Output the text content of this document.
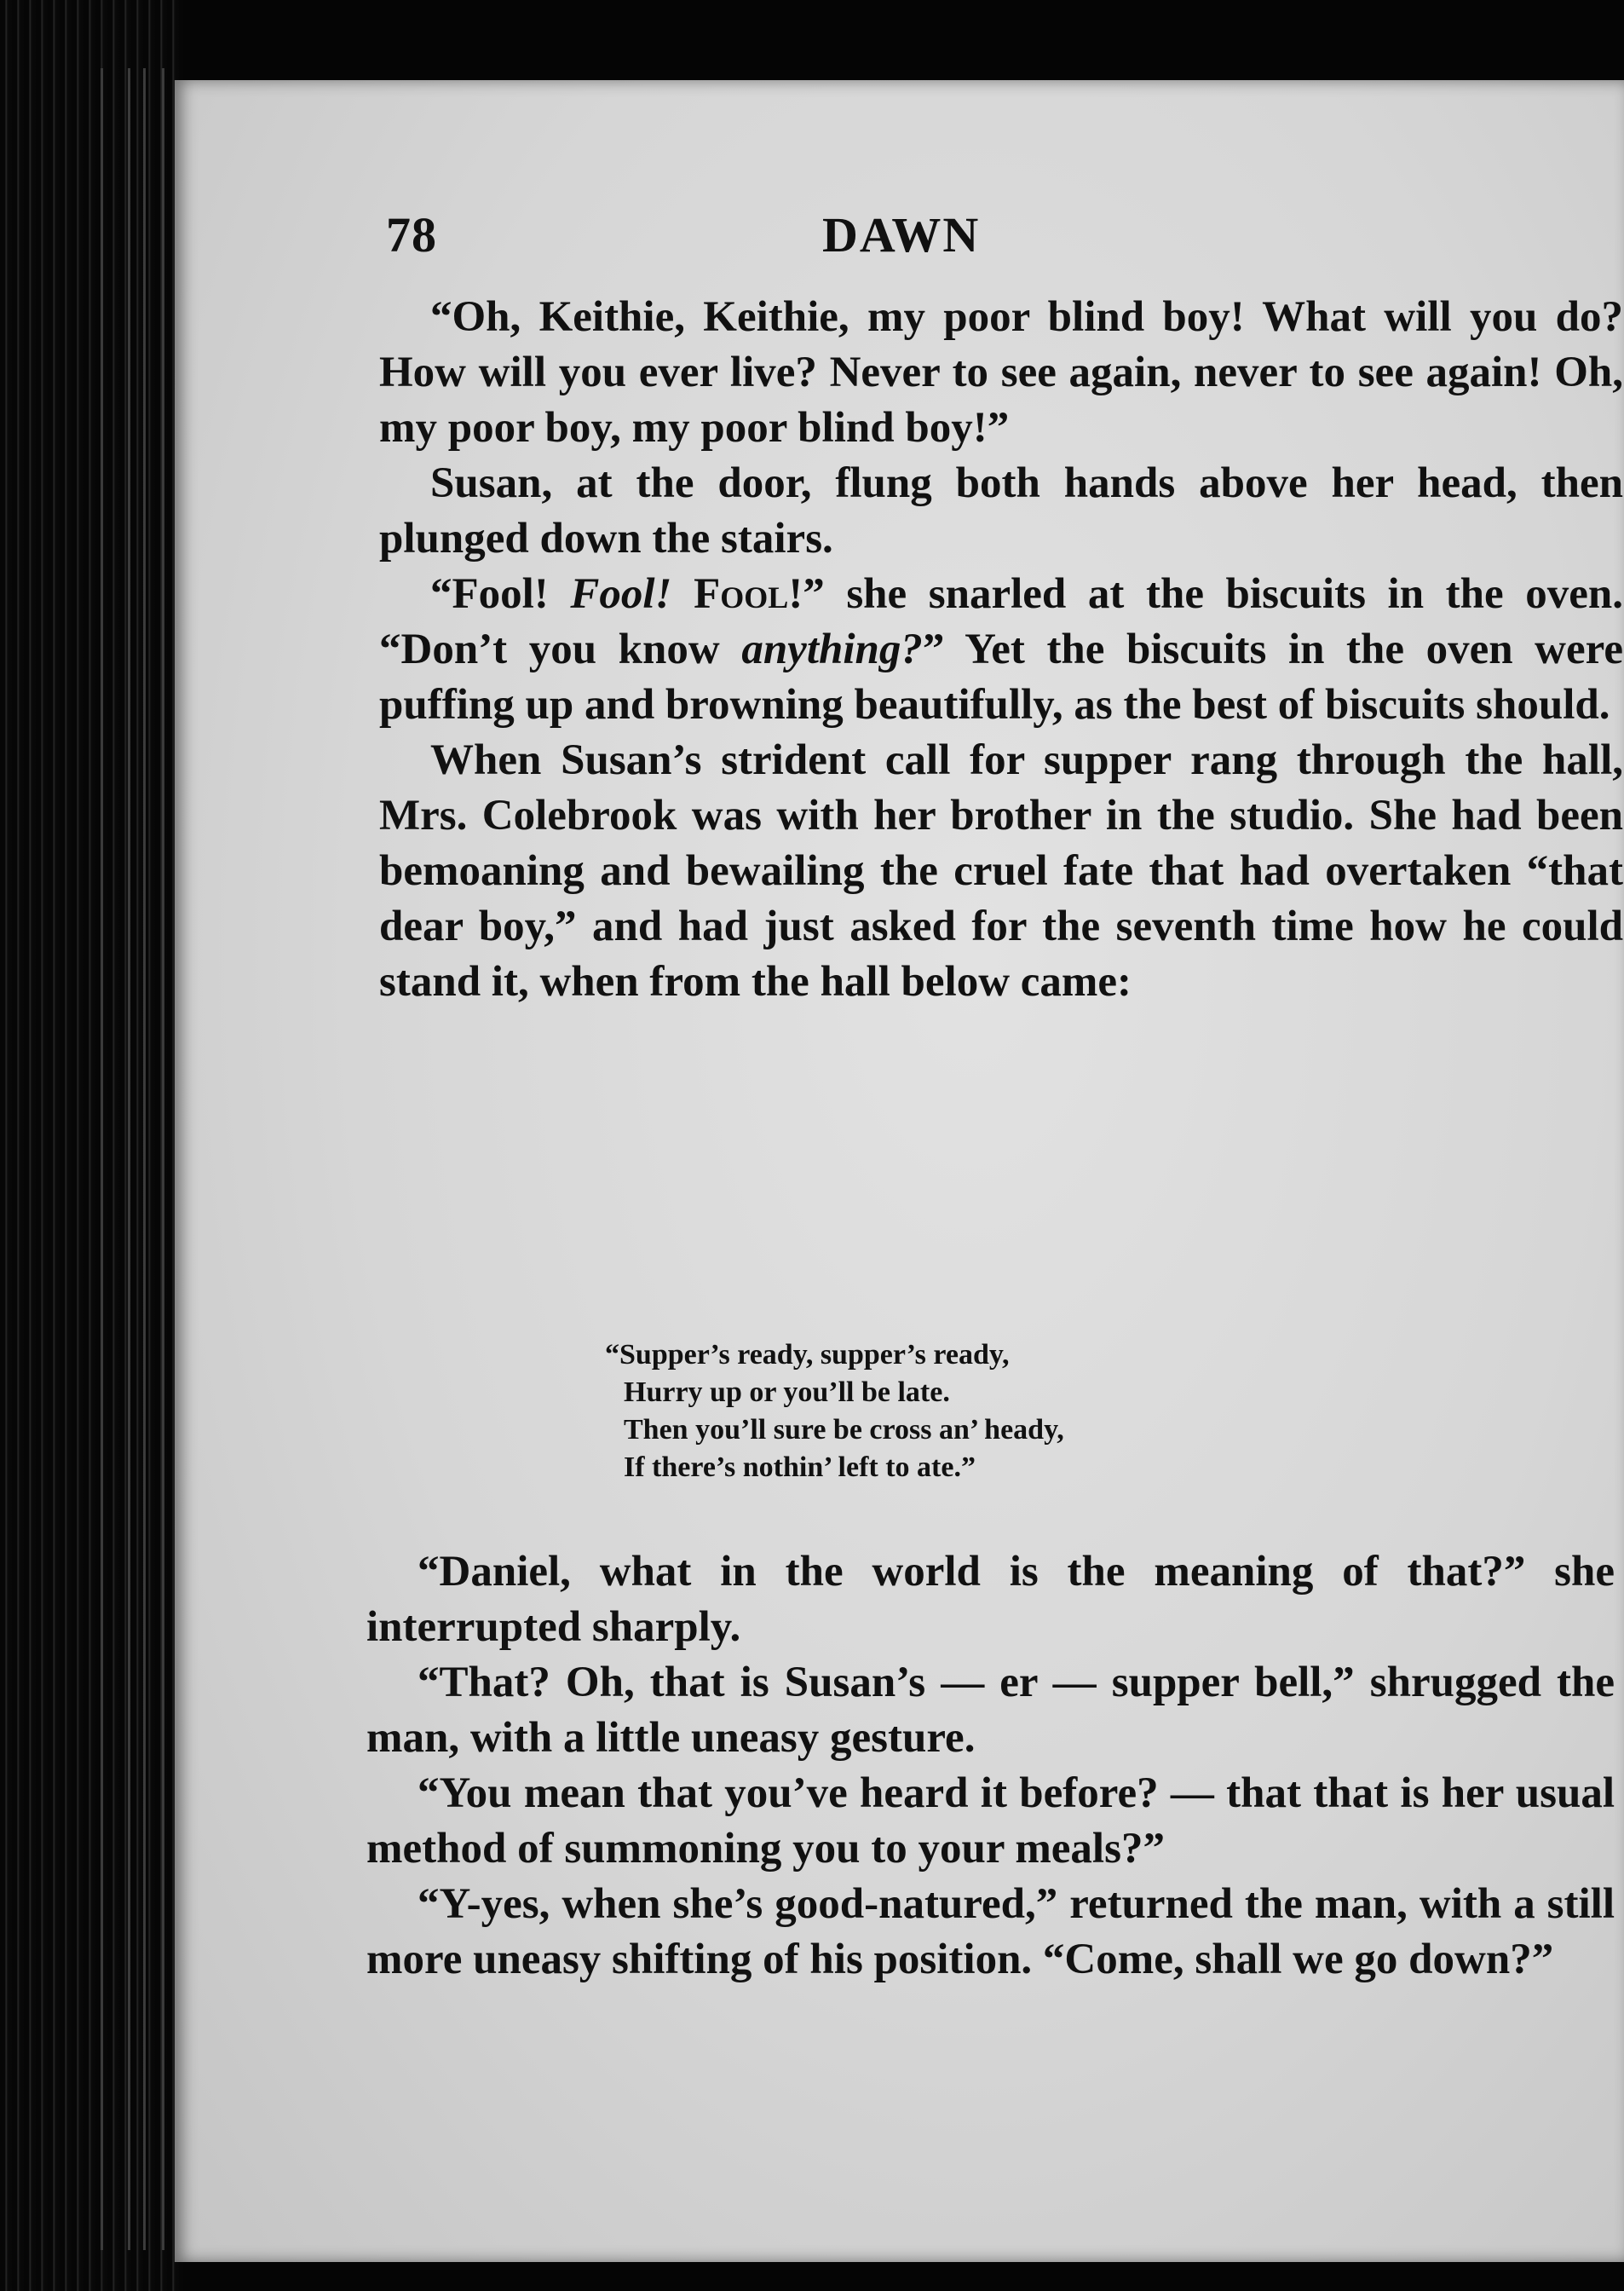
78	DAWN

“Oh, Keithie, Keithie, my poor blind boy! What will you do? How will you ever live? Never to see again, never to see again! Oh, my poor boy, my poor blind boy!”

Susan, at the door, flung both hands above her head, then plunged down the stairs.

“Fool! Fool! Fool!” she snarled at the biscuits in the oven. “Don’t you know anything?” Yet the biscuits in the oven were puffing up and browning beautifully, as the best of biscuits should.

When Susan’s strident call for supper rang through the hall, Mrs. Colebrook was with her brother in the studio. She had been bemoaning and bewailing the cruel fate that had overtaken “that dear boy,” and had just asked for the seventh time how he could stand it, when from the hall below came:

“Supper’s ready, supper’s ready,
Hurry up or you’ll be late.
Then you’ll sure be cross an’ heady,
If there’s nothin’ left to ate.”

“Daniel, what in the world is the meaning of that?” she interrupted sharply.

“That? Oh, that is Susan’s — er — supper bell,” shrugged the man, with a little uneasy gesture.

“You mean that you’ve heard it before? — that that is her usual method of summoning you to your meals?”

“Y-yes, when she’s good-natured,” returned the man, with a still more uneasy shifting of his position. “Come, shall we go down?”
